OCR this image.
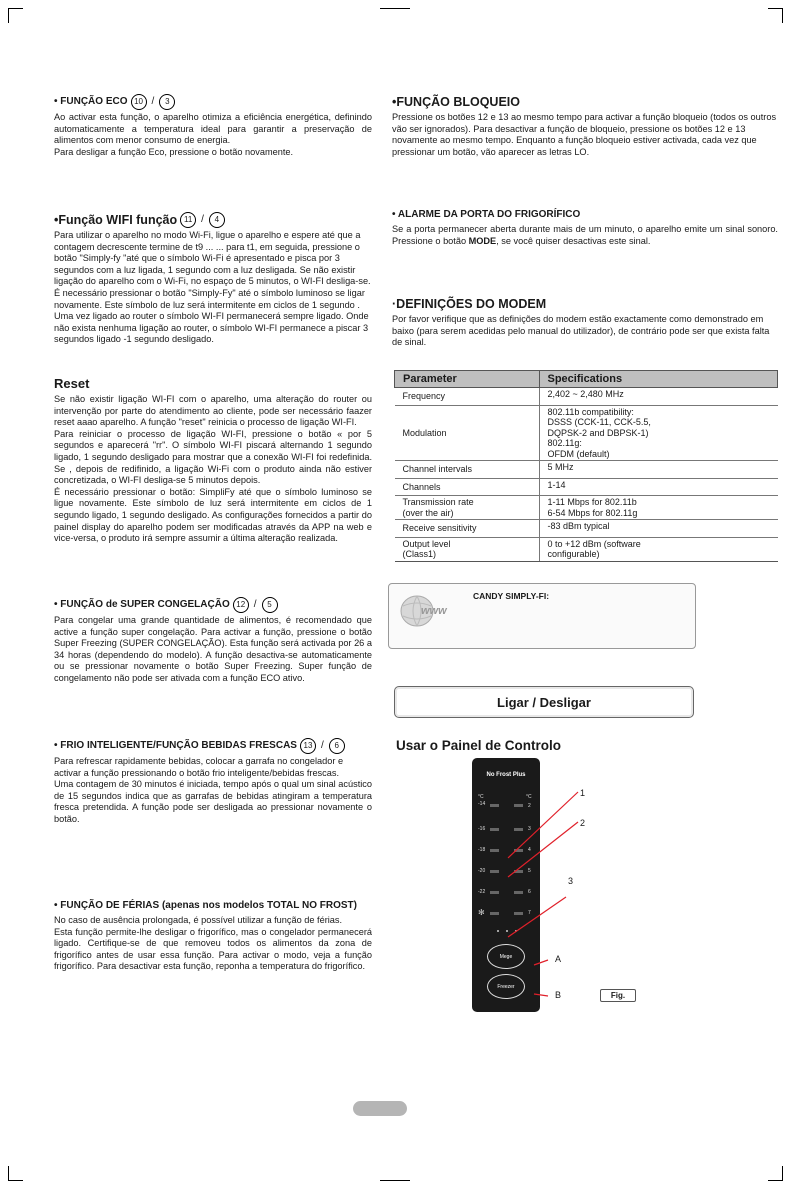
• FUNÇÃO ECO 10 /	3

Ao activar esta função, o aparelho otimiza a eficiência energética, definindo automaticamente a temperatura ideal para garantir a preservação de alimentos com menor consumo de energia.

Para desligar a função Eco, pressione o botão novamente.

•Função WIFI função 11 /	4

Para utilizar o aparelho no modo Wi-Fi, ligue o aparelho e espere até que a contagem decrescente termine de t9 ... ... para t1, em seguida, pressione o botão "Simply-fy "até que o símbolo Wi-Fi é apresentado e pisca por 3 segundos com a luz ligada, 1 segundo com a luz desligada. Se não existir ligação do aparelho com o Wi-Fi, no espaço de 5 minutos, o WI-FI desliga-se. É necessário pressionar o botão "Simply-Fy" até o símbolo luminoso se ligar novamente. Este símbolo de luz será intermitente em ciclos de 1 segundo . Uma vez ligado ao router o símbolo WI-FI permanecerá sempre ligado. Onde não exista nenhuma ligação ao router, o símbolo WI-FI permanece a piscar 3 segundos ligado -1 segundo desligado.

Reset

Se não existir ligação WI-FI com o aparelho, uma alteração do router ou intervenção por parte do atendimento ao cliente, pode ser necessário faazer reset aaao aparelho. A função "reset" reinicia o processo de ligação WI-FI.

Para reiniciar o processo de ligação WI-FI, pressione o botão « por 5 segundos e aparecerá "rr". O símbolo WI-FI piscará alternando 1 segundo ligado, 1 segundo desligado para mostrar que a conexão WI-FI foi redefinida. Se , depois de redifinido, a ligação Wi-Fi com o produto ainda não estiver concretizada, o WI-FI desliga-se 5 minutos depois.

É necessário pressionar o botão: SimpliFy até que o símbolo luminoso se ligue novamente. Este símbolo de luz será intermitente em ciclos de 1 segundo ligado, 1 segundo desligado. As configurações fornecidos a partir do painel display do aparelho podem ser modificadas através da APP na web e vice-versa, o produto irá sempre assumir a última alteração realizada.

• FUNÇÃO de SUPER CONGELAÇÃO 12 /	5

Para congelar uma grande quantidade de alimentos, é recomendado que active a função super congelação. Para activar a função, pressione o botão Super Freezing (SUPER CONGELAÇÃO). Esta função será activada por 26 a 34 horas (dependendo do modelo). A função desactiva-se automaticamente ou se pressionar novamente o botão Super Freezing. Super função de congelamento não pode ser ativada com a função ECO ativo.

• FRIO INTELIGENTE/FUNÇÃO BEBIDAS FRESCAS 13 /	6

Para refrescar rapidamente bebidas, colocar a garrafa no congelador e activar a função pressionando o botão frio inteligente/bebidas frescas.

Uma contagem de 30 minutos é iniciada, tempo após o qual um sinal acústico de 15 segundos indica que as garrafas de bebidas atingiram a temperatura fresca pretendida. A função pode ser desligada ao pressionar novamente o botão.

• FUNÇÃO DE FÉRIAS (apenas nos modelos TOTAL NO FROST)

No caso de ausência prolongada, é possível utilizar a função de férias.

Esta função permite-lhe desligar o frigorífico, mas o congelador permanecerá ligado. Certifique-se de que removeu todos os alimentos da zona de frigorífico antes de usar essa função. Para activar o modo, veja a função frigorífico. Para desactivar esta função, reponha a temperatura do frigorífico.

•FUNÇÃO BLOQUEIO

Pressione os botões 12 e 13 ao mesmo tempo para activar a função bloqueio (todos os outros vão ser ignorados). Para desactivar a função de bloqueio, pressione os botões 12 e 13 novamente ao mesmo tempo. Enquanto a função bloqueio estiver activada, cada vez que pressionar um botão, vão aparecer as letras LO.

• ALARME DA PORTA DO FRIGORÍFICO

Se a porta permanecer aberta durante mais de um minuto, o aparelho emite um sinal sonoro. Pressione o botão MODE, se você quiser desactivas este sinal.

·DEFINIÇÕES DO MODEM

Por favor verifique que as definições do modem estão exactamente como demonstrado em baixo (para serem acedidas pelo manual do utilizador), de contrário pode ser que exista falta de sinal.

Parameter	Specifications
Frequency	2,402 ~ 2,480 MHz
Modulation	802.11b compatibility:
DSSS (CCK-11, CCK-5.5,
DQPSK-2 and DBPSK-1)
802.11g:
OFDM (default)
Channel intervals	5 MHz
Channels	1-14
Transmission rate
(over the air)	1-11 Mbps for 802.11b
6-54 Mbps for 802.11g
Receive sensitivity	-83 dBm typical
Output level
(Class1)	0 to +12 dBm (software
configurable)
www
CANDY SIMPLY-FI:
Ligar / Desligar
Usar o Painel de Controlo
No Frost Plus
°C	°C
-14
-16
-18
-20
-22
2
3
4
5
6
7
✻
Mege
Freezer
1
2
3
A
B	Fig.
